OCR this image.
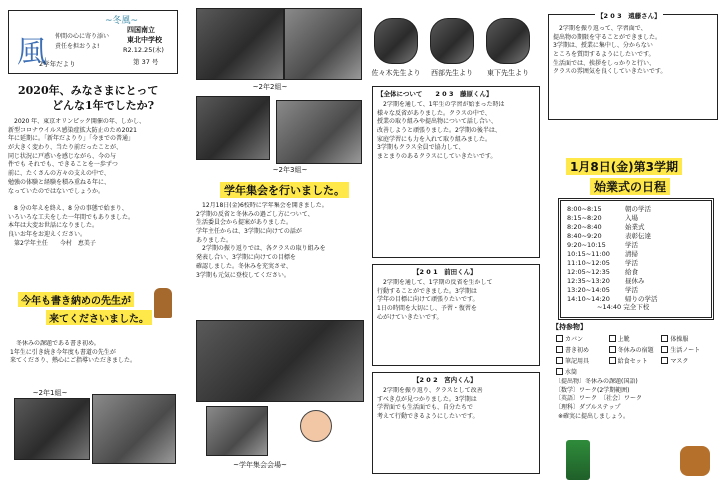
~冬風~
風 仲間の心に寄り添い
責任を担おうよ!
四国南立
東北中学校
R2.12.25(木)
第 37 号
2学年だより
2020年、みなさまにとって
どんな1年でしたか?
　2020 年、東京オリンピック開催の年、しかし、
新型コロナウイルス感染症拡大防止のため2021
年に延期に。「新年だよりり」「今までの普通」
が大きく変わり、当たり前だったことが、
同じ状況に戸惑いを感じながら、今の与
件でも それでも、できることを一歩ずつ
前に、たくさんの方々の支えの中で、
勉強の体験と経験を積み重ねる年に、
なっていたのではないでしょうか。

　8 分の年えを終え、8 分の事態で始まり、
いろいろな工夫をした一年間でもありました。
本年は大変お世話になりました。
良いお年をお迎えください。
　第2学年主任　　今村　恵美子
今年も書き納めの先生が
来てくださいました。
　冬休みの課題である書き初め。
1年生に引き続き今年度も書道の先生が
来てくださり、熱心にご指導いただきました。
~2年1組~
~2年2組~
~2年3組~
学年集会を行いました。
　12月18日(金)6校時に学年集会を開きました。
2学期の反省と冬休みの過ごし方について、
生活委員会から提案がありました。
学年主任からは、3学期に向けての話が
ありました。
　2学期の振り返りでは、各クラスの取り組みを
発表し合い、3学期に向けての目標を
確認しました。冬休みを充実させ、
3学期も元気に登校してください。
~学年集会会場~
佐々木先生より	西部先生より	東下先生より
【全体について　　2 0 3　藤原くん】
　2学期を通して、1年生の学習が始まった時は
様々な反省がありました。クラスの中で、
授業の取り組みや提出物について話し合い、
改善しようと頑張りました。2学期の後半は、
家庭学習にも力を入れて取り組みました。
3学期もクラス全員で協力して、
まとまりのあるクラスにしていきたいです。
【2 0 1　前田くん】
　2学期を通して、1学期の反省を生かして
行動することができました。3学期は
学年の目標に向けて頑張りたいです。
1日の時間を大切にし、予習・復習を
心がけていきたいです。
【2 0 2　宮内くん】
　2学期を振り返り、クラスとして改善
すべき点が見つかりました。3学期は
学習面でも生活面でも、自分たちで
考えて行動できるようにしたいです。
【2 0 3　遠藤さん】
　2学期を振り返って、学習面で、
提出物の期限を守ることができました。
3学期は、授業に集中し、分からない
ところを質問するようにしたいです。
生活面では、挨拶をしっかりと行い、
クラスの雰囲気を良くしていきたいです。
1月8日(金)第3学期
始業式の日程
8:00~8:15	朝の学活
8:15~8:20	入場
8:20~8:40	始業式
8:40~9:20	表彰伝達
9:20~10:15	学活
10:15~11:00	清掃
11:10~12:05	学活
12:05~12:35	給食
12:35~13:20	昼休み
13:20~14:05	学活
14:10~14:20	帰りの学活
~14:40 完全下校
【持参物】
カバン	上靴	体操服
書き初め	冬休みの宿題	生活ノート
筆記用具	給食セット	マスク
水筒
　〔提出物〕冬休みの課題(国語)
　〔数学〕ワーク(2学期範囲)
　〔英語〕ワーク　〔社会〕ワーク
　〔理科〕ダブルステップ
　※確実に提出しましょう。
